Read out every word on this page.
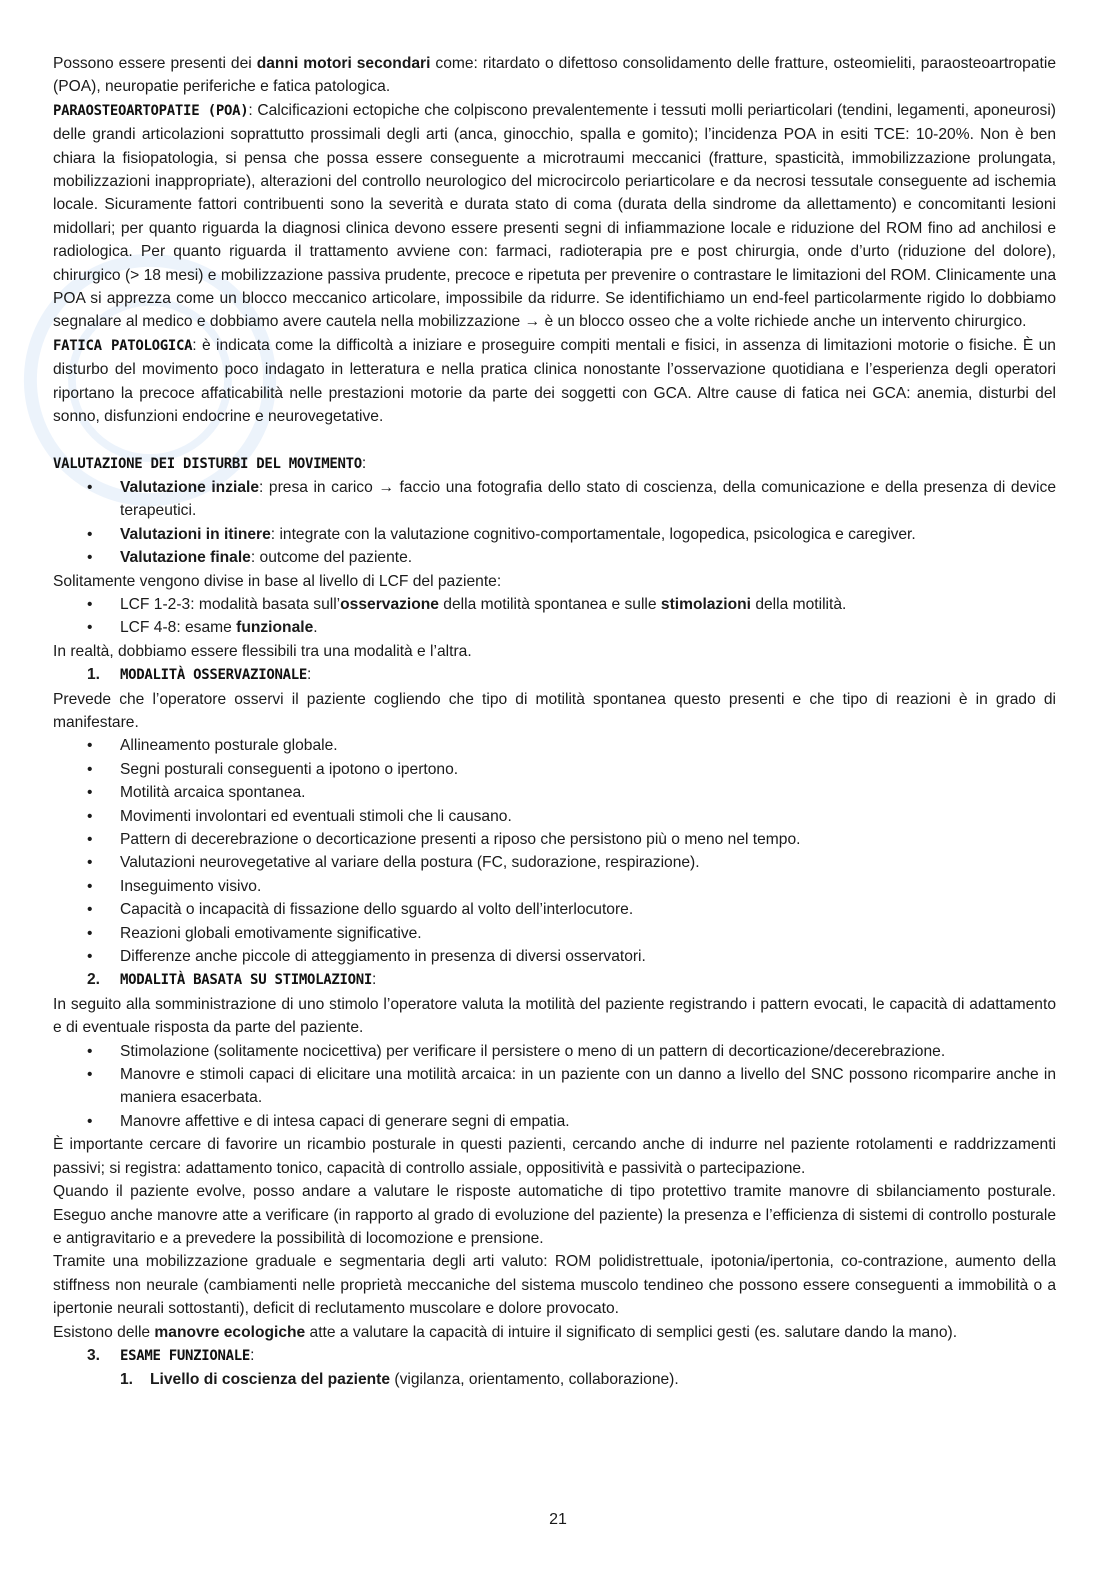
Possono essere presenti dei danni motori secondari come: ritardato o difettoso consolidamento delle fratture, osteomieliti, paraosteoartropatie (POA), neuropatie periferiche e fatica patologica.

PARAOSTEOARTOPATIE (POA): Calcificazioni ectopiche che colpiscono prevalentemente i tessuti molli periarticolari (tendini, legamenti, aponeurosi) delle grandi articolazioni soprattutto prossimali degli arti (anca, ginocchio, spalla e gomito); l’incidenza POA in esiti TCE: 10-20%. Non è ben chiara la fisiopatologia, si pensa che possa essere conseguente a microtraumi meccanici (fratture, spasticità, immobilizzazione prolungata, mobilizzazioni inappropriate), alterazioni del controllo neurologico del microcircolo periarticolare e da necrosi tessutale conseguente ad ischemia locale. Sicuramente fattori contribuenti sono la severità e durata stato di coma (durata della sindrome da allettamento) e concomitanti lesioni midollari; per quanto riguarda la diagnosi clinica devono essere presenti segni di infiammazione locale e riduzione del ROM fino ad anchilosi e radiologica. Per quanto riguarda il trattamento avviene con: farmaci, radioterapia pre e post chirurgia, onde d’urto (riduzione del dolore), chirurgico (> 18 mesi) e mobilizzazione passiva prudente, precoce e ripetuta per prevenire o contrastare le limitazioni del ROM. Clinicamente una POA si apprezza come un blocco meccanico articolare, impossibile da ridurre. Se identifichiamo un end-feel particolarmente rigido lo dobbiamo segnalare al medico e dobbiamo avere cautela nella mobilizzazione → è un blocco osseo che a volte richiede anche un intervento chirurgico.

FATICA PATOLOGICA: è indicata come la difficoltà a iniziare e proseguire compiti mentali e fisici, in assenza di limitazioni motorie o fisiche. È un disturbo del movimento poco indagato in letteratura e nella pratica clinica nonostante l’osservazione quotidiana e l’esperienza degli operatori riportano la precoce affaticabilità nelle prestazioni motorie da parte dei soggetti con GCA. Altre cause di fatica nei GCA: anemia, disturbi del sonno, disfunzioni endocrine e neurovegetative.

VALUTAZIONE DEI DISTURBI DEL MOVIMENTO:

• Valutazione inziale: presa in carico → faccio una fotografia dello stato di coscienza, della comunicazione e della presenza di device terapeutici.
• Valutazioni in itinere: integrate con la valutazione cognitivo-comportamentale, logopedica, psicologica e caregiver.
• Valutazione finale: outcome del paziente.

Solitamente vengono divise in base al livello di LCF del paziente:

• LCF 1-2-3: modalità basata sull’osservazione della motilità spontanea e sulle stimolazioni della motilità.
• LCF 4-8: esame funzionale.

In realtà, dobbiamo essere flessibili tra una modalità e l’altra.

1. MODALITÀ OSSERVAZIONALE:

Prevede che l’operatore osservi il paziente cogliendo che tipo di motilità spontanea questo presenti e che tipo di reazioni è in grado di manifestare.

• Allineamento posturale globale.
• Segni posturali conseguenti a ipotono o ipertono.
• Motilità arcaica spontanea.
• Movimenti involontari ed eventuali stimoli che li causano.
• Pattern di decerebrazione o decorticazione presenti a riposo che persistono più o meno nel tempo.
• Valutazioni neurovegetative al variare della postura (FC, sudorazione, respirazione).
• Inseguimento visivo.
• Capacità o incapacità di fissazione dello sguardo al volto dell’interlocutore.
• Reazioni globali emotivamente significative.
• Differenze anche piccole di atteggiamento in presenza di diversi osservatori.
2. MODALITÀ BASATA SU STIMOLAZIONI:

In seguito alla somministrazione di uno stimolo l’operatore valuta la motilità del paziente registrando i pattern evocati, le capacità di adattamento e di eventuale risposta da parte del paziente.

• Stimolazione (solitamente nocicettiva) per verificare il persistere o meno di un pattern di decorticazione/decerebrazione.
• Manovre e stimoli capaci di elicitare una motilità arcaica: in un paziente con un danno a livello del SNC possono ricomparire anche in maniera esacerbata.
• Manovre affettive e di intesa capaci di generare segni di empatia.

È importante cercare di favorire un ricambio posturale in questi pazienti, cercando anche di indurre nel paziente rotolamenti e raddrizzamenti passivi; si registra: adattamento tonico, capacità di controllo assiale, oppositività e passività o partecipazione.

Quando il paziente evolve, posso andare a valutare le risposte automatiche di tipo protettivo tramite manovre di sbilanciamento posturale. Eseguo anche manovre atte a verificare (in rapporto al grado di evoluzione del paziente) la presenza e l’efficienza di sistemi di controllo posturale e antigravitario e a prevedere la possibilità di locomozione e prensione.

Tramite una mobilizzazione graduale e segmentaria degli arti valuto: ROM polidistrettuale, ipotonia/ipertonia, co-contrazione, aumento della stiffness non neurale (cambiamenti nelle proprietà meccaniche del sistema muscolo tendineo che possono essere conseguenti a immobilità o a ipertonie neurali sottostanti), deficit di reclutamento muscolare e dolore provocato.

Esistono delle manovre ecologiche atte a valutare la capacità di intuire il significato di semplici gesti (es. salutare dando la mano).

3. ESAME FUNZIONALE:
1. Livello di coscienza del paziente (vigilanza, orientamento, collaborazione).
21
